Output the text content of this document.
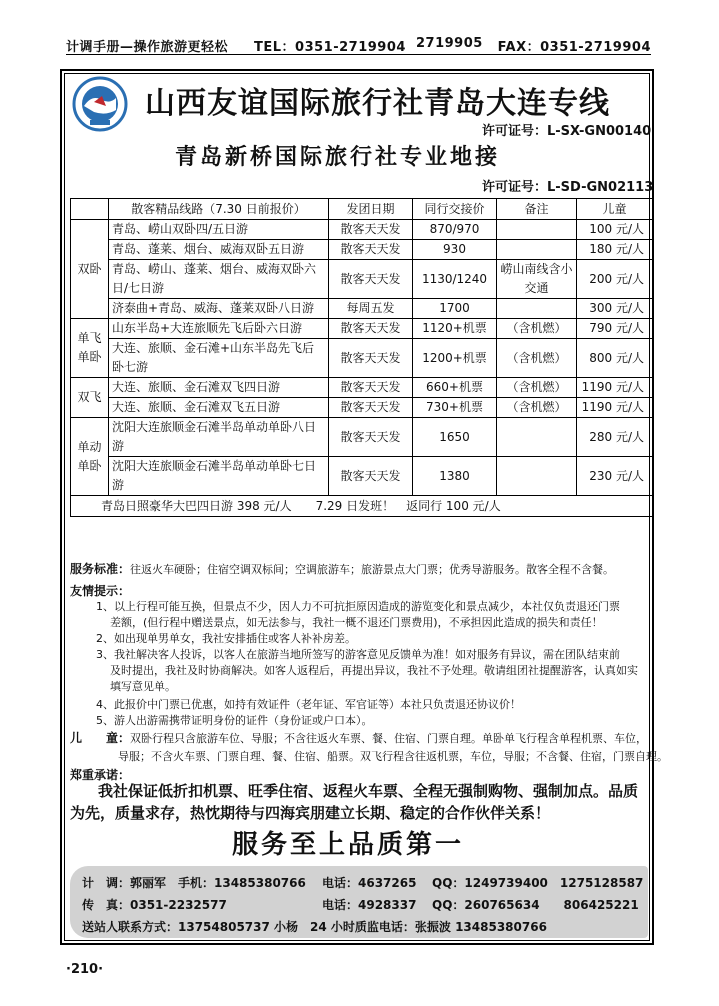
计调手册—操作旅游更轻松 TEL：0351-2719904 2719905 FAX：0351-2719904
山西友谊国际旅行社青岛大连专线
许可证号：L-SX-GN00140
青岛新桥国际旅行社专业地接
许可证号：L-SD-GN02113
	散客精品线路（7.30 日前报价）	发团日期	同行交接价	备注	儿童
双卧	青岛、崂山双卧四/五日游	散客天天发	870/970		100 元/人
	青岛、蓬莱、烟台、威海双卧五日游	散客天天发	930		180 元/人
	青岛、崂山、蓬莱、烟台、威海双卧六日/七日游	散客天天发	1130/1240	崂山南线含小交通	200 元/人
	济泰曲+青岛、威海、蓬莱双卧八日游	每周五发	1700		300 元/人
单飞单卧	山东半岛+大连旅顺先飞后卧六日游	散客天天发	1120+机票	（含机燃）	790 元/人
	大连、旅顺、金石滩+山东半岛先飞后卧七游	散客天天发	1200+机票	（含机燃）	800 元/人
双飞	大连、旅顺、金石滩双飞四日游	散客天天发	660+机票	（含机燃）	1190 元/人
	大连、旅顺、金石滩双飞五日游	散客天天发	730+机票	（含机燃）	1190 元/人
单动单卧	沈阳大连旅顺金石滩半岛单动单卧八日游	散客天天发	1650		280 元/人
	沈阳大连旅顺金石滩半岛单动单卧七日游	散客天天发	1380		230 元/人
青岛日照豪华大巴四日游 398 元/人　　7.29 日发班！　返同行 100 元/人					
服务标准：往返火车硬卧；住宿空调双标间；空调旅游车；旅游景点大门票；优秀导游服务。散客全程不含餐。
友情提示：
1、以上行程可能互换，但景点不少，因人力不可抗拒原因造成的游览变化和景点减少，本社仅负责退还门票
差额，(但行程中赠送景点，如无法参与，我社一概不退还门票费用)，不承担因此造成的损失和责任！
2、如出现单男单女，我社安排插住或客人补补房差。
3、我社解决客人投诉，以客人在旅游当地所签写的游客意见反馈单为准！如对服务有异议，需在团队结束前
及时提出，我社及时协商解决。如客人返程后，再提出异议，我社不予处理。敬请组团社提醒游客，认真如实
填写意见单。
4、此报价中门票已优惠，如持有效证件（老年证、军官证等）本社只负责退还协议价！
5、游人出游需携带证明身份的证件（身份证或户口本）。
儿　　童：双卧行程只含旅游车位、导服；不含往返火车票、餐、住宿、门票自理。单卧单飞行程含单程机票、车位，
导服；不含火车票、门票自理、餐、住宿、船票。双飞行程含往返机票，车位，导服；不含餐、住宿，门票自理。
郑重承诺：
我社保证低折扣机票、旺季住宿、返程火车票、全程无强制购物、强制加点。品质为先，质量求存，热忱期待与四海宾朋建立长期、稳定的合作伙伴关系！
服务至上品质第一
计　调：郭丽军　手机：13485380766 电话：4637265 QQ：1249739400　1275128587
传　真：0351-2232577	电话：4928337 QQ：260765634　　806425221
送站人联系方式：13754805737 小杨　24 小时质监电话：张振波 13485380766
·210·
